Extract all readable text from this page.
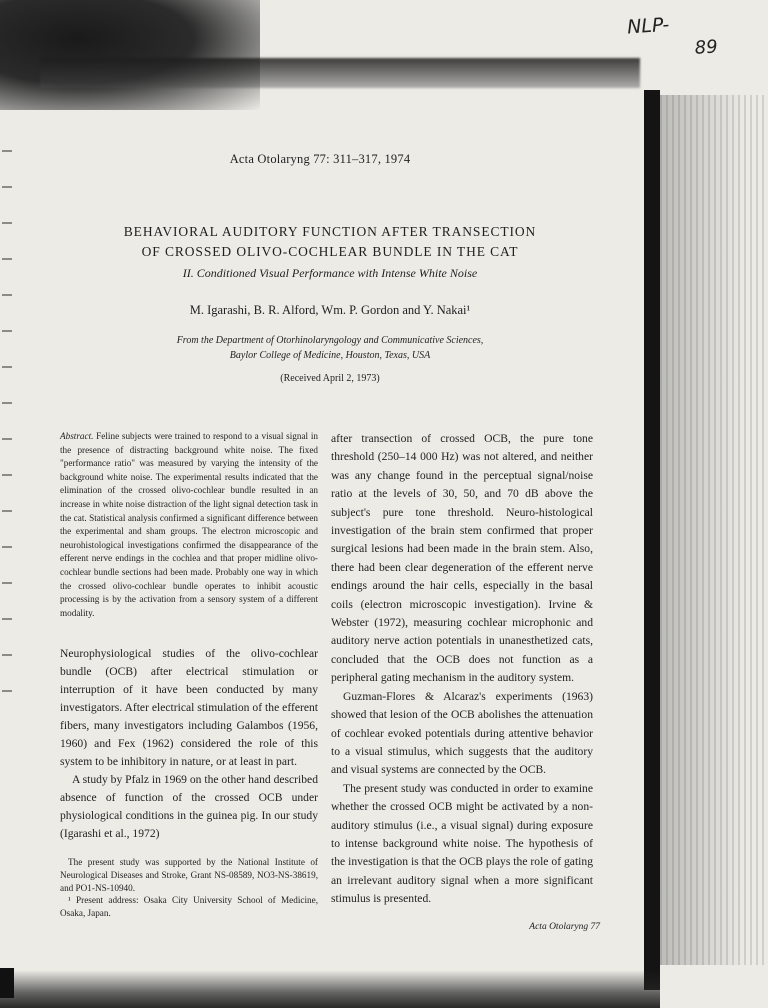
NLP-
89
Acta Otolaryng 77: 311–317, 1974
BEHAVIORAL AUDITORY FUNCTION AFTER TRANSECTION
OF CROSSED OLIVO-COCHLEAR BUNDLE IN THE CAT
II. Conditioned Visual Performance with Intense White Noise
M. Igarashi, B. R. Alford, Wm. P. Gordon and Y. Nakai¹
From the Department of Otorhinolaryngology and Communicative Sciences,
Baylor College of Medicine, Houston, Texas, USA
(Received April 2, 1973)
Abstract. Feline subjects were trained to respond to a visual signal in the presence of distracting background white noise. The fixed "performance ratio" was measured by varying the intensity of the background white noise. The experimental results indicated that the elimination of the crossed olivo-cochlear bundle resulted in an increase in white noise distraction of the light signal detection task in the cat. Statistical analysis confirmed a significant difference between the experimental and sham groups. The electron microscopic and neurohistological investigations confirmed the disappearance of the efferent nerve endings in the cochlea and that proper midline olivo-cochlear bundle sections had been made. Probably one way in which the crossed olivo-cochlear bundle operates to inhibit acoustic processing is by the activation from a sensory system of a different modality.

Neurophysiological studies of the olivo-cochlear bundle (OCB) after electrical stimulation or interruption of it have been conducted by many investigators. After electrical stimulation of the efferent fibers, many investigators including Galambos (1956, 1960) and Fex (1962) considered the role of this system to be inhibitory in nature, or at least in part.

A study by Pfalz in 1969 on the other hand described absence of function of the crossed OCB under physiological conditions in the guinea pig. In our study (Igarashi et al., 1972)

The present study was supported by the National Institute of Neurological Diseases and Stroke, Grant NS-08589, NO3-NS-38619, and PO1-NS-10940.

¹ Present address: Osaka City University School of Medicine, Osaka, Japan.

after transection of crossed OCB, the pure tone threshold (250–14 000 Hz) was not altered, and neither was any change found in the perceptual signal/noise ratio at the levels of 30, 50, and 70 dB above the subject's pure tone threshold. Neuro-histological investigation of the brain stem confirmed that proper surgical lesions had been made in the brain stem. Also, there had been clear degeneration of the efferent nerve endings around the hair cells, especially in the basal coils (electron microscopic investigation). Irvine & Webster (1972), measuring cochlear microphonic and auditory nerve action potentials in unanesthetized cats, concluded that the OCB does not function as a peripheral gating mechanism in the auditory system.

Guzman-Flores & Alcaraz's experiments (1963) showed that lesion of the OCB abolishes the attenuation of cochlear evoked potentials during attentive behavior to a visual stimulus, which suggests that the auditory and visual systems are connected by the OCB.

The present study was conducted in order to examine whether the crossed OCB might be activated by a non-auditory stimulus (i.e., a visual signal) during exposure to intense background white noise. The hypothesis of the investigation is that the OCB plays the role of gating an irrelevant auditory signal when a more significant stimulus is presented.

Acta Otolaryng 77
